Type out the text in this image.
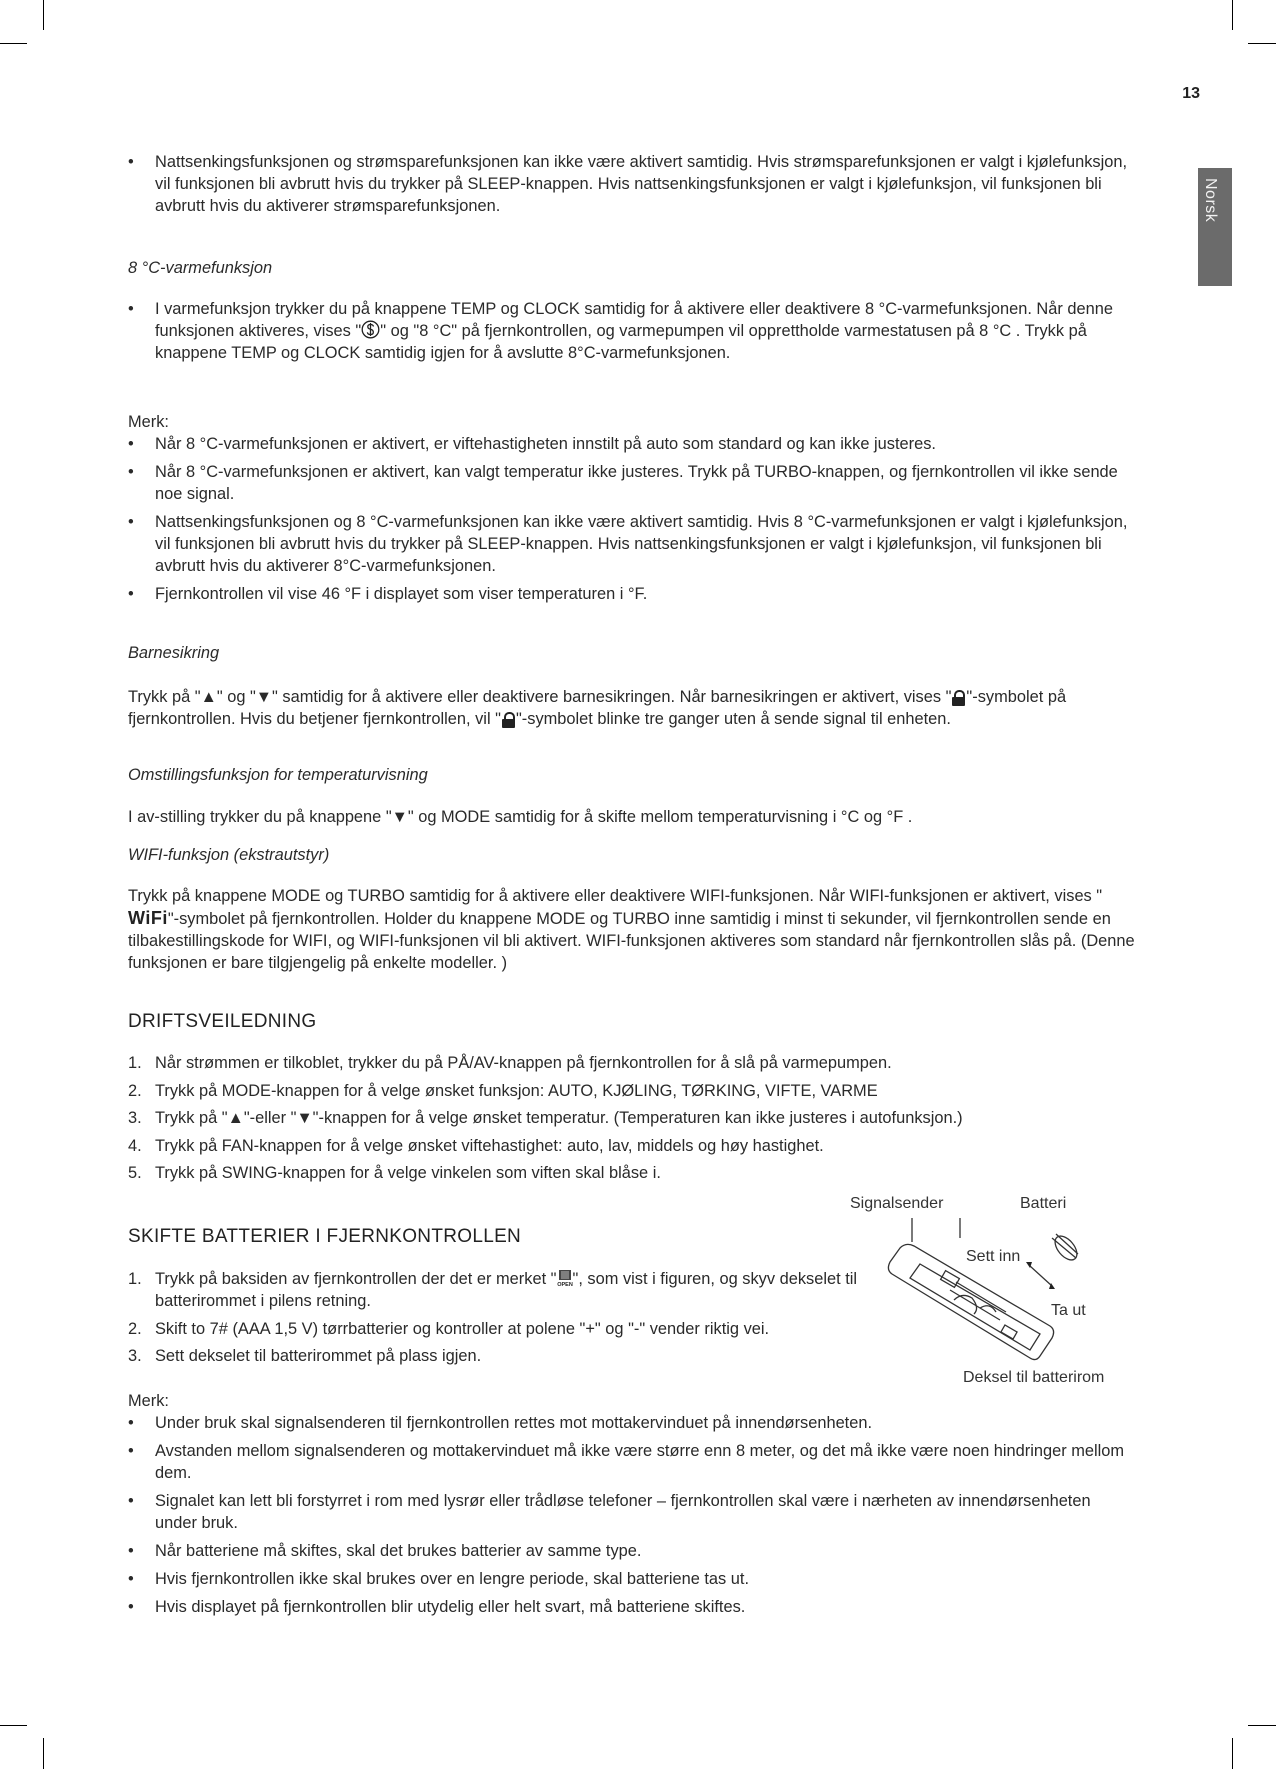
13
Norsk
• Nattsenkingsfunksjonen og strømsparefunksjonen kan ikke være aktivert samtidig. Hvis strømsparefunksjonen er valgt i kjølefunksjon, vil funksjonen bli avbrutt hvis du trykker på SLEEP-knappen. Hvis nattsenkingsfunksjonen er valgt i kjølefunksjon, vil funksjonen bli avbrutt hvis du aktiverer strømsparefunksjonen.
8 °C-varmefunksjon
• I varmefunksjon trykker du på knappene TEMP og CLOCK samtidig for å aktivere eller deaktivere 8 °C-varmefunksjonen. Når denne funksjonen aktiveres, vises " " og "8 °C" på fjernkontrollen, og varmepumpen vil opprettholde varmestatusen på 8 °C . Trykk på knappene TEMP og CLOCK samtidig igjen for å avslutte 8°C-varmefunksjonen.
Merk:
• Når 8 °C-varmefunksjonen er aktivert, er viftehastigheten innstilt på auto som standard og kan ikke justeres.
• Når 8 °C-varmefunksjonen er aktivert, kan valgt temperatur ikke justeres. Trykk på TURBO-knappen, og fjernkontrollen vil ikke sende noe signal.
• Nattsenkingsfunksjonen og 8 °C-varmefunksjonen kan ikke være aktivert samtidig. Hvis 8 °C-varmefunksjonen er valgt i kjølefunksjon, vil funksjonen bli avbrutt hvis du trykker på SLEEP-knappen. Hvis nattsenkingsfunksjonen er valgt i kjølefunksjon, vil funksjonen bli avbrutt hvis du aktiverer 8°C-varmefunksjonen.
• Fjernkontrollen vil vise 46 °F i displayet som viser temperaturen i °F.
Barnesikring
Trykk på "▲" og "▼" samtidig for å aktivere eller deaktivere barnesikringen. Når barnesikringen er aktivert, vises " "-symbolet på fjernkontrollen. Hvis du betjener fjernkontrollen, vil " "-symbolet blinke tre ganger uten å sende signal til enheten.
Omstillingsfunksjon for temperaturvisning
I av-stilling trykker du på knappene "▼" og MODE samtidig for å skifte mellom temperaturvisning i °C og °F .
WIFI-funksjon (ekstrautstyr)
Trykk på knappene MODE og TURBO samtidig for å aktivere eller deaktivere WIFI-funksjonen. Når WIFI-funksjonen er aktivert, vises " WiFi"-symbolet på fjernkontrollen. Holder du knappene MODE og TURBO inne samtidig i minst ti sekunder, vil fjernkontrollen sende en tilbakestillingskode for WIFI, og WIFI-funksjonen vil bli aktivert. WIFI-funksjonen aktiveres som standard når fjernkontrollen slås på. (Denne funksjonen er bare tilgjengelig på enkelte modeller. )
DRIFTSVEILEDNING
1. Når strømmen er tilkoblet, trykker du på PÅ/AV-knappen på fjernkontrollen for å slå på varmepumpen.
2. Trykk på MODE-knappen for å velge ønsket funksjon: AUTO, KJØLING, TØRKING, VIFTE, VARME
3. Trykk på "▲"-eller "▼"-knappen for å velge ønsket temperatur. (Temperaturen kan ikke justeres i autofunksjon.)
4. Trykk på FAN-knappen for å velge ønsket viftehastighet: auto, lav, middels og høy hastighet.
5. Trykk på SWING-knappen for å velge vinkelen som viften skal blåse i.
SKIFTE BATTERIER I FJERNKONTROLLEN
1. Trykk på baksiden av fjernkontrollen der det er merket " OPEN ", som vist i figuren, og skyv dekselet til batterirommet i pilens retning.
2. Skift to 7# (AAA 1,5 V) tørrbatterier og kontroller at polene "+" og "-" vender riktig vei.
3. Sett dekselet til batterirommet på plass igjen.
Signalsender	Batteri
Sett inn
Ta ut
Deksel til batterirom
Merk:
• Under bruk skal signalsenderen til fjernkontrollen rettes mot mottakervinduet på innendørsenheten.
• Avstanden mellom signalsenderen og mottakervinduet må ikke være større enn 8 meter, og det må ikke være noen hindringer mellom dem.
• Signalet kan lett bli forstyrret i rom med lysrør eller trådløse telefoner – fjernkontrollen skal være i nærheten av innendørsenheten under bruk.
• Når batteriene må skiftes, skal det brukes batterier av samme type.
• Hvis fjernkontrollen ikke skal brukes over en lengre periode, skal batteriene tas ut.
• Hvis displayet på fjernkontrollen blir utydelig eller helt svart, må batteriene skiftes.
